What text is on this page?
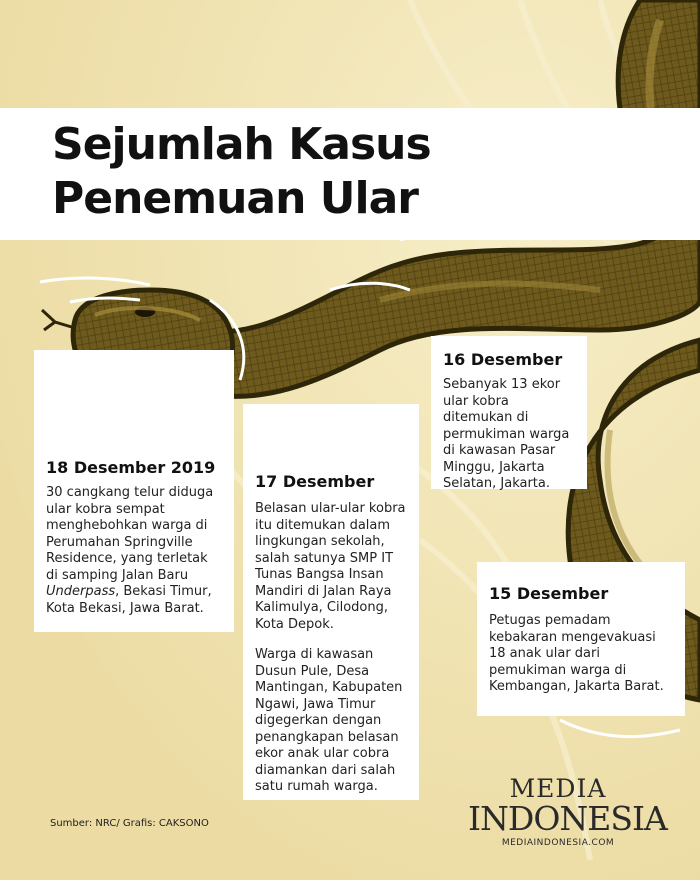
Sejumlah Kasus
Penemuan Ular
18 Desember 2019

30 cangkang telur diduga ular kobra sempat menghebohkan warga di Perumahan Springville Residence, yang terletak di samping Jalan Baru Underpass, Bekasi Timur, Kota Bekasi, Jawa Barat.

17 Desember

Belasan ular-ular kobra itu ditemukan dalam lingkungan sekolah, salah satunya SMP IT Tunas Bangsa Insan Mandiri di Jalan Raya Kalimulya, Cilodong, Kota Depok.

Warga di kawasan Dusun Pule, Desa Mantingan, Kabupaten Ngawi, Jawa Timur digegerkan dengan penangkapan belasan ekor anak ular cobra diamankan dari salah satu rumah warga.

16 Desember

Sebanyak 13 ekor ular kobra ditemukan di permukiman warga di kawasan Pasar Minggu, Jakarta Selatan, Jakarta.

15 Desember

Petugas pemadam kebakaran mengevakuasi 18 anak ular dari pemukiman warga di Kembangan, Jakarta Barat.

Sumber: NRC/ Grafis: CAKSONO
MEDIA
INDONESIA
MEDIAINDONESIA.COM
